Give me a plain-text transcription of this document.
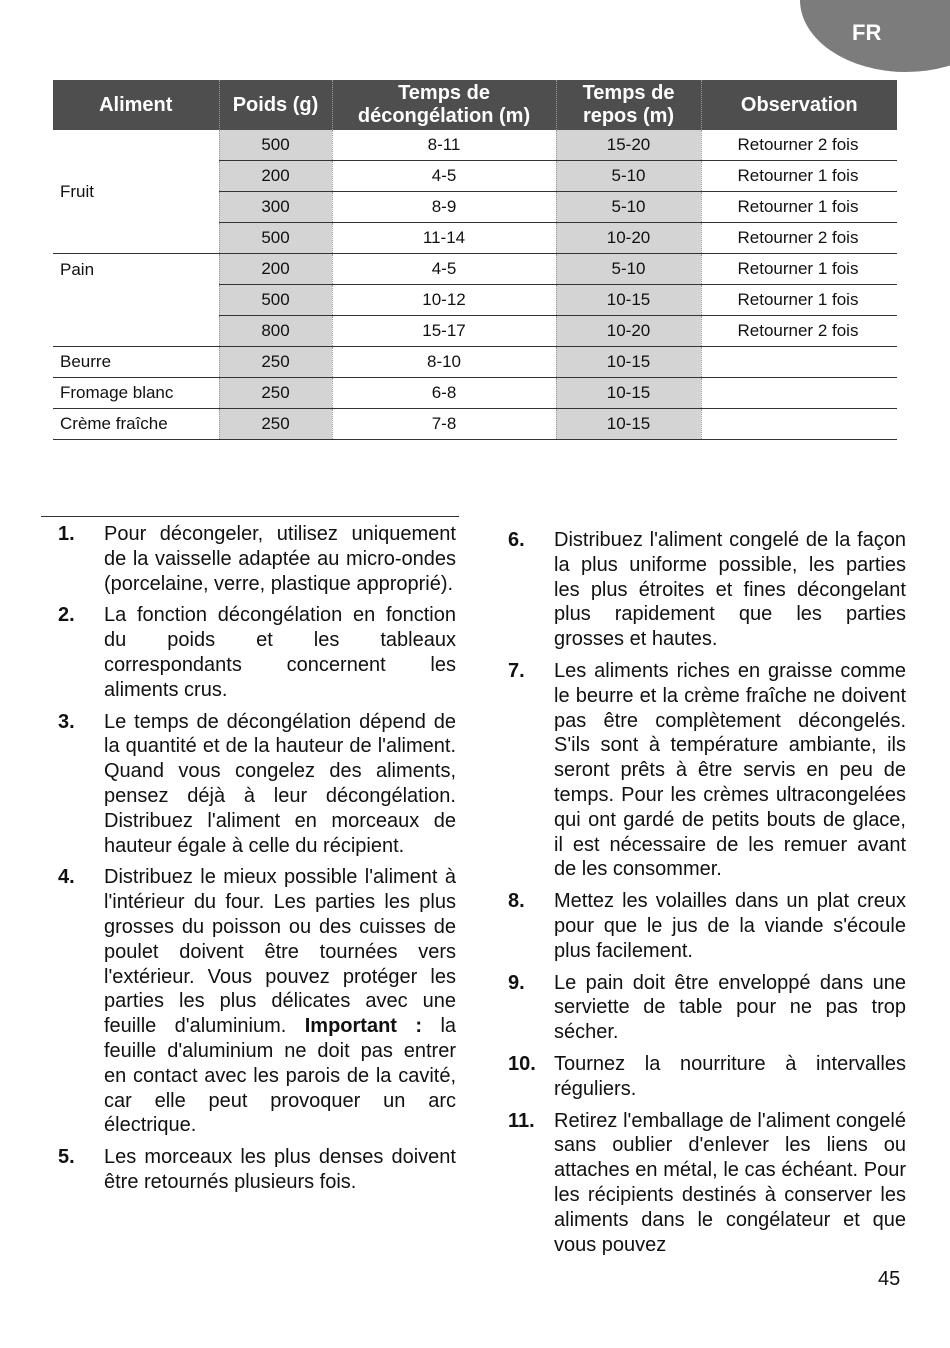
FR
Aliment	Poids (g)	Temps de décongélation (m)	Temps de repos (m)	Observation
Fruit	500	8-11	15-20	Retourner 2 fois
	200	4-5	5-10	Retourner 1 fois
	300	8-9	5-10	Retourner 1 fois
	500	11-14	10-20	Retourner 2 fois
Pain	200	4-5	5-10	Retourner 1 fois
	500	10-12	10-15	Retourner 1 fois
	800	15-17	10-20	Retourner 2 fois
Beurre	250	8-10	10-15	
Fromage blanc	250	6-8	10-15	
Crème fraîche	250	7-8	10-15	
1.	Pour décongeler, utilisez uniquement de la vaisselle adaptée au micro-ondes (porcelaine, verre, plastique approprié).
2.	La fonction décongélation en fonction du poids et les tableaux correspondants concernent les aliments crus.
3.	Le temps de décongélation dépend de la quantité et de la hauteur de l'aliment. Quand vous congelez des aliments, pensez déjà à leur décongélation. Distribuez l'aliment en morceaux de hauteur égale à celle du récipient.
4.	Distribuez le mieux possible l'aliment à l'intérieur du four. Les parties les plus grosses du poisson ou des cuisses de poulet doivent être tournées vers l'extérieur. Vous pouvez protéger les parties les plus délicates avec une feuille d'aluminium. Important : la feuille d'aluminium ne doit pas entrer en contact avec les parois de la cavité, car elle peut provoquer un arc électrique.
5.	Les morceaux les plus denses doivent être retournés plusieurs fois.
6.	Distribuez l'aliment congelé de la façon la plus uniforme possible, les parties les plus étroites et fines décongelant plus rapidement que les parties grosses et hautes.
7.	Les aliments riches en graisse comme le beurre et la crème fraîche ne doivent pas être complètement décongelés. S'ils sont à température ambiante, ils seront prêts à être servis en peu de temps. Pour les crèmes ultracongelées qui ont gardé de petits bouts de glace, il est nécessaire de les remuer avant de les consommer.
8.	Mettez les volailles dans un plat creux pour que le jus de la viande s'écoule plus facilement.
9.	Le pain doit être enveloppé dans une serviette de table pour ne pas trop sécher.
10. Tournez la nourriture à intervalles réguliers.
11. Retirez l'emballage de l'aliment congelé sans oublier d'enlever les liens ou attaches en métal, le cas échéant. Pour les récipients destinés à conserver les aliments dans le congélateur et que vous pouvez
45
